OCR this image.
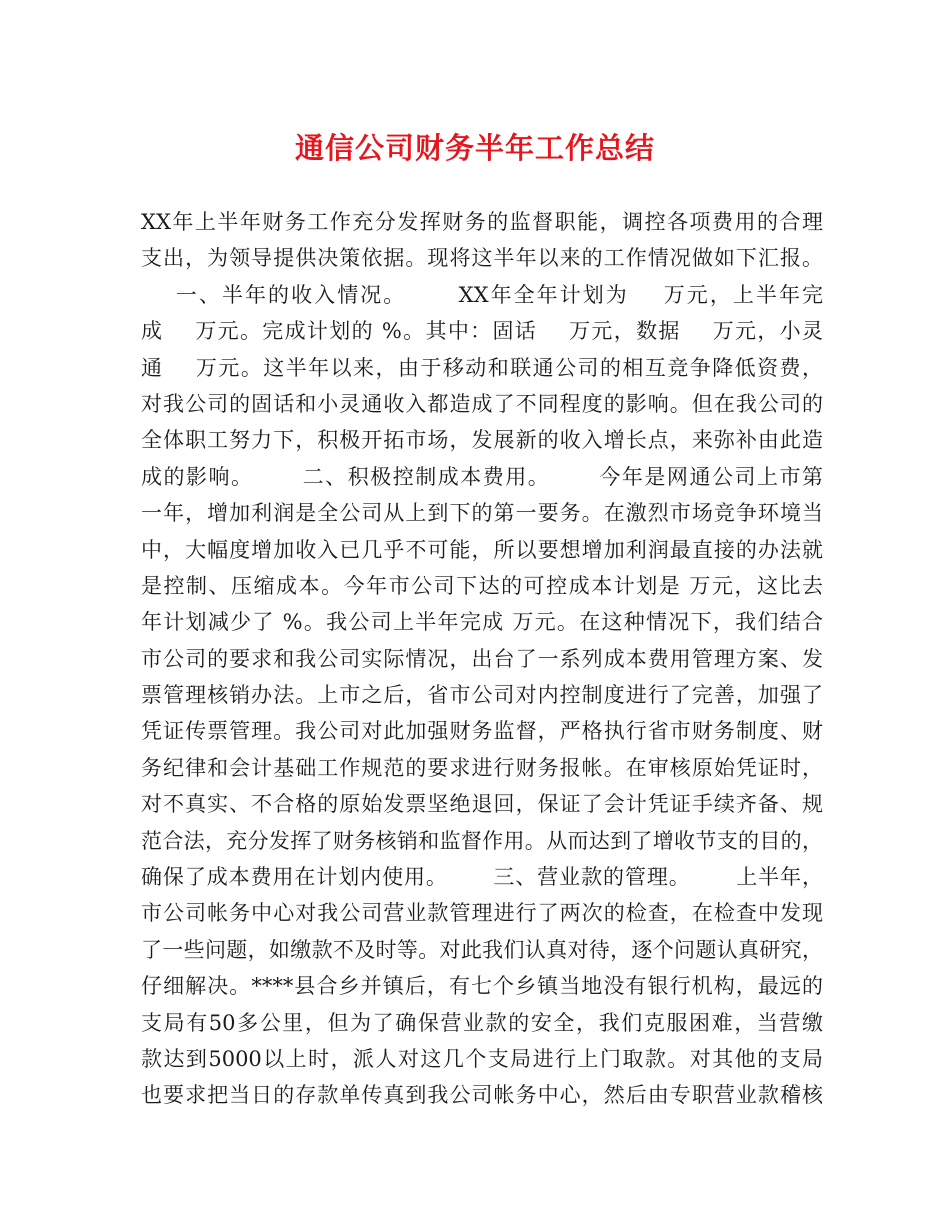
通信公司财务半年工作总结
XX年上半年财务工作充分发挥财务的监督职能，调控各项费用的合理
支出，为领导提供决策依据。现将这半年以来的工作情况做如下汇报。
一、半年的收入情况。      XX年全年计划为    万元，上半年完
成    万元。完成计划的 %。其中：固话    万元，数据    万元，小灵
通    万元。这半年以来，由于移动和联通公司的相互竞争降低资费，
对我公司的固话和小灵通收入都造成了不同程度的影响。但在我公司的
全体职工努力下，积极开拓市场，发展新的收入增长点，来弥补由此造
成的影响。      二、积极控制成本费用。      今年是网通公司上市第
一年，增加利润是全公司从上到下的第一要务。在激烈市场竞争环境当
中，大幅度增加收入已几乎不可能，所以要想增加利润最直接的办法就
是控制、压缩成本。今年市公司下达的可控成本计划是 万元，这比去
年计划减少了 %。我公司上半年完成 万元。在这种情况下，我们结合
市公司的要求和我公司实际情况，出台了一系列成本费用管理方案、发
票管理核销办法。上市之后，省市公司对内控制度进行了完善，加强了
凭证传票管理。我公司对此加强财务监督，严格执行省市财务制度、财
务纪律和会计基础工作规范的要求进行财务报帐。在审核原始凭证时，
对不真实、不合格的原始发票坚绝退回，保证了会计凭证手续齐备、规
范合法，充分发挥了财务核销和监督作用。从而达到了增收节支的目的，
确保了成本费用在计划内使用。      三、营业款的管理。      上半年，
市公司帐务中心对我公司营业款管理进行了两次的检查，在检查中发现
了一些问题，如缴款不及时等。对此我们认真对待，逐个问题认真研究，
仔细解决。****县合乡并镇后，有七个乡镇当地没有银行机构，最远的
支局有50多公里，但为了确保营业款的安全，我们克服困难，当营缴
款达到5000以上时，派人对这几个支局进行上门取款。对其他的支局
也要求把当日的存款单传真到我公司帐务中心，然后由专职营业款稽核
